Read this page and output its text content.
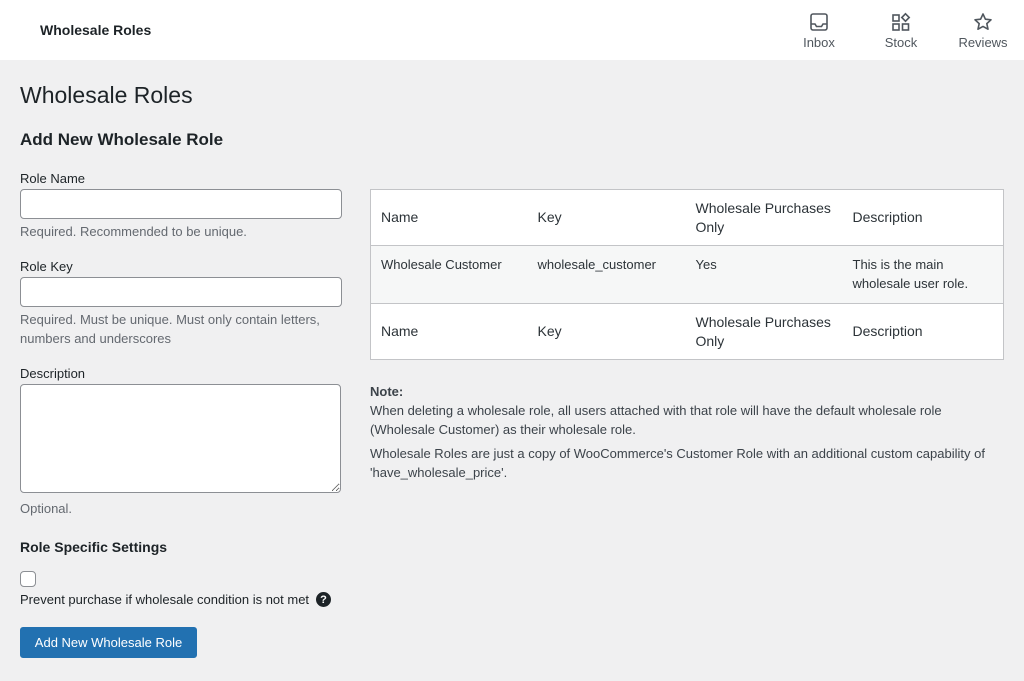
Wholesale Roles
Inbox	Stock	Reviews
Wholesale Roles
Add New Wholesale Role
Role Name
Required. Recommended to be unique.
Role Key
Required. Must be unique. Must only contain letters, numbers and underscores
Description
Optional.
Role Specific Settings
Prevent purchase if wholesale condition is not met	?
Add New Wholesale Role
Name	Key	Wholesale Purchases Only	Description
Wholesale Customer	wholesale_customer	Yes	This is the main wholesale user role.
Name	Key	Wholesale Purchases Only	Description
Note:

When deleting a wholesale role, all users attached with that role will have the default wholesale role (Wholesale Customer) as their wholesale role.

Wholesale Roles are just a copy of WooCommerce's Customer Role with an additional custom capability of 'have_wholesale_price'.
